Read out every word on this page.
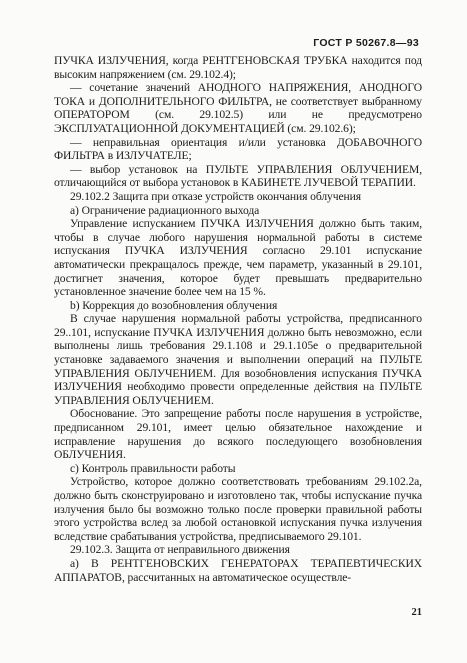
ГОСТ Р 50267.8—93

ПУЧКА ИЗЛУЧЕНИЯ, когда РЕНТГЕНОВСКАЯ ТРУБКА находится под высоким напряжением (см. 29.102.4);

— сочетание значений АНОДНОГО НАПРЯЖЕНИЯ, АНОДНОГО ТОКА и ДОПОЛНИТЕЛЬНОГО ФИЛЬТРА, не соответствует выбранному ОПЕРАТОРОМ (см. 29.102.5) или не предусмотрено ЭКСПЛУАТАЦИОННОЙ ДОКУМЕНТАЦИЕЙ (см. 29.102.6);

— неправильная ориентация и/или установка ДОБАВОЧНОГО ФИЛЬТРА в ИЗЛУЧАТЕЛЕ;

— выбор установок на ПУЛЬТЕ УПРАВЛЕНИЯ ОБЛУЧЕНИЕМ, отличающийся от выбора установок в КАБИНЕТЕ ЛУЧЕВОЙ ТЕРАПИИ.

29.102.2 Защита при отказе устройств окончания облучения

а) Ограничение радиационного выхода

Управление испусканием ПУЧКА ИЗЛУЧЕНИЯ должно быть таким, чтобы в случае любого нарушения нормальной работы в системе испускания ПУЧКА ИЗЛУЧЕНИЯ согласно 29.101 испускание автоматически прекращалось прежде, чем параметр, указанный в 29.101, достигнет значения, которое будет превышать предварительно установленное значение более чем на 15 %.

b) Коррекция до возобновления облучения

В случае нарушения нормальной работы устройства, предписанного 29..101, испускание ПУЧКА ИЗЛУЧЕНИЯ должно быть невозможно, если выполнены лишь требования 29.1.108 и 29.1.105е о предварительной установке задаваемого значения и выполнении операций на ПУЛЬТЕ УПРАВЛЕНИЯ ОБЛУЧЕНИЕМ. Для возобновления испускания ПУЧКА ИЗЛУЧЕНИЯ необходимо провести определенные действия на ПУЛЬТЕ УПРАВЛЕНИЯ ОБЛУЧЕНИЕМ.

Обоснование. Это запрещение работы после нарушения в устройстве, предписанном 29.101, имеет целью обязательное нахождение и исправление нарушения до всякого последующего возобновления ОБЛУЧЕНИЯ.

с) Контроль правильности работы

Устройство, которое должно соответствовать требованиям 29.102.2а, должно быть сконструировано и изготовлено так, чтобы испускание пучка излучения было бы возможно только после проверки правильной работы этого устройства вслед за любой остановкой испускания пучка излучения вследствие срабатывания устройства, предписываемого 29.101.

29.102.3. Защита от неправильного движения

а) В РЕНТГЕНОВСКИХ ГЕНЕРАТОРАХ ТЕРАПЕВТИЧЕСКИХ АППАРАТОВ, рассчитанных на автоматическое осуществле-

21
